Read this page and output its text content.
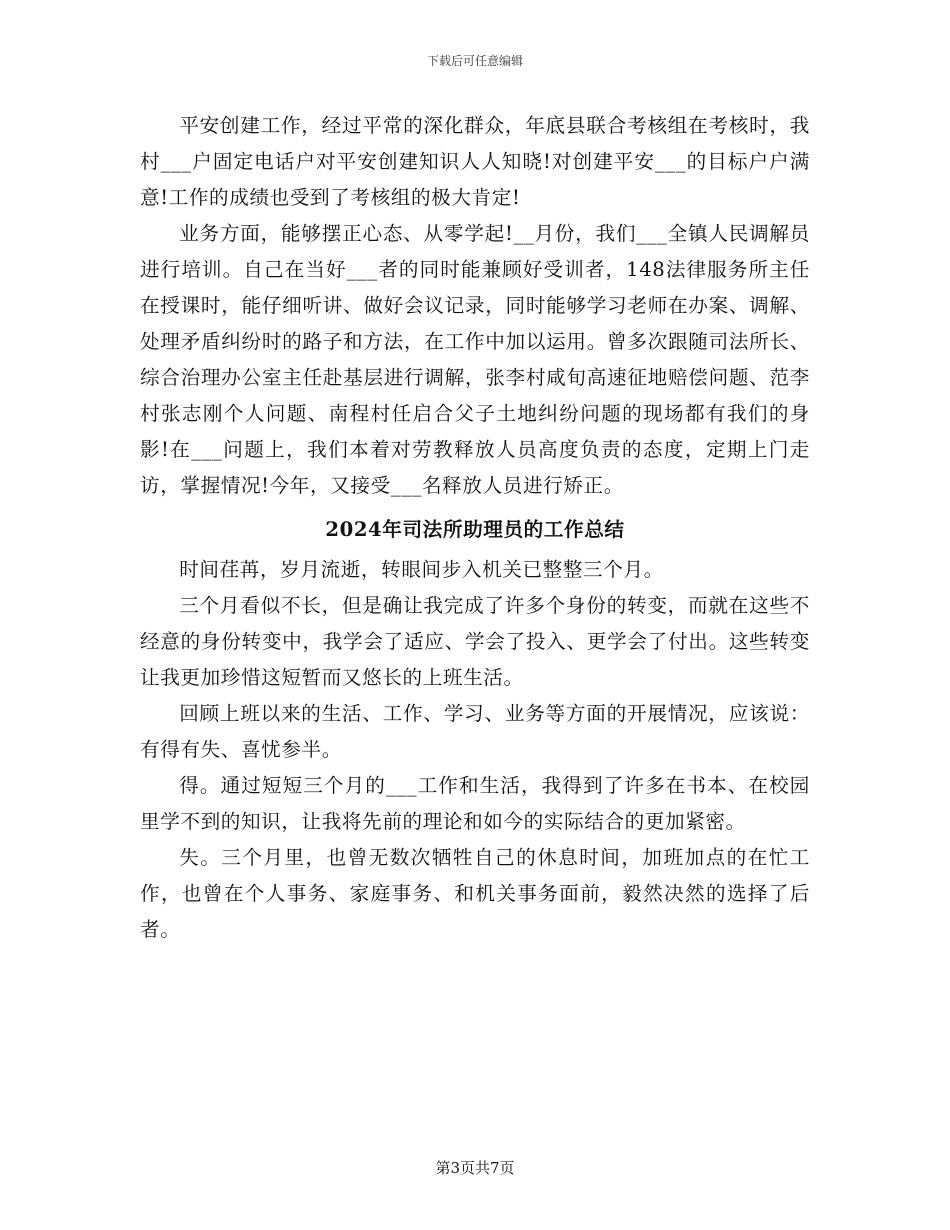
下载后可任意编辑

平安创建工作，经过平常的深化群众，年底县联合考核组在考核时，我村___户固定电话户对平安创建知识人人知晓!对创建平安___的目标户户满意!工作的成绩也受到了考核组的极大肯定!

业务方面，能够摆正心态、从零学起!__月份，我们___全镇人民调解员进行培训。自己在当好___者的同时能兼顾好受训者，148法律服务所主任在授课时，能仔细听讲、做好会议记录，同时能够学习老师在办案、调解、处理矛盾纠纷时的路子和方法，在工作中加以运用。曾多次跟随司法所长、综合治理办公室主任赴基层进行调解，张李村咸旬高速征地赔偿问题、范李村张志刚个人问题、南程村任启合父子土地纠纷问题的现场都有我们的身影!在___问题上，我们本着对劳教释放人员高度负责的态度，定期上门走访，掌握情况!今年，又接受___名释放人员进行矫正。

2024年司法所助理员的工作总结

时间荏苒，岁月流逝，转眼间步入机关已整整三个月。

三个月看似不长，但是确让我完成了许多个身份的转变，而就在这些不经意的身份转变中，我学会了适应、学会了投入、更学会了付出。这些转变让我更加珍惜这短暂而又悠长的上班生活。

回顾上班以来的生活、工作、学习、业务等方面的开展情况，应该说：有得有失、喜忧参半。

得。通过短短三个月的___工作和生活，我得到了许多在书本、在校园里学不到的知识，让我将先前的理论和如今的实际结合的更加紧密。

失。三个月里，也曾无数次牺牲自己的休息时间，加班加点的在忙工作，也曾在个人事务、家庭事务、和机关事务面前，毅然决然的选择了后者。

第3页共7页
